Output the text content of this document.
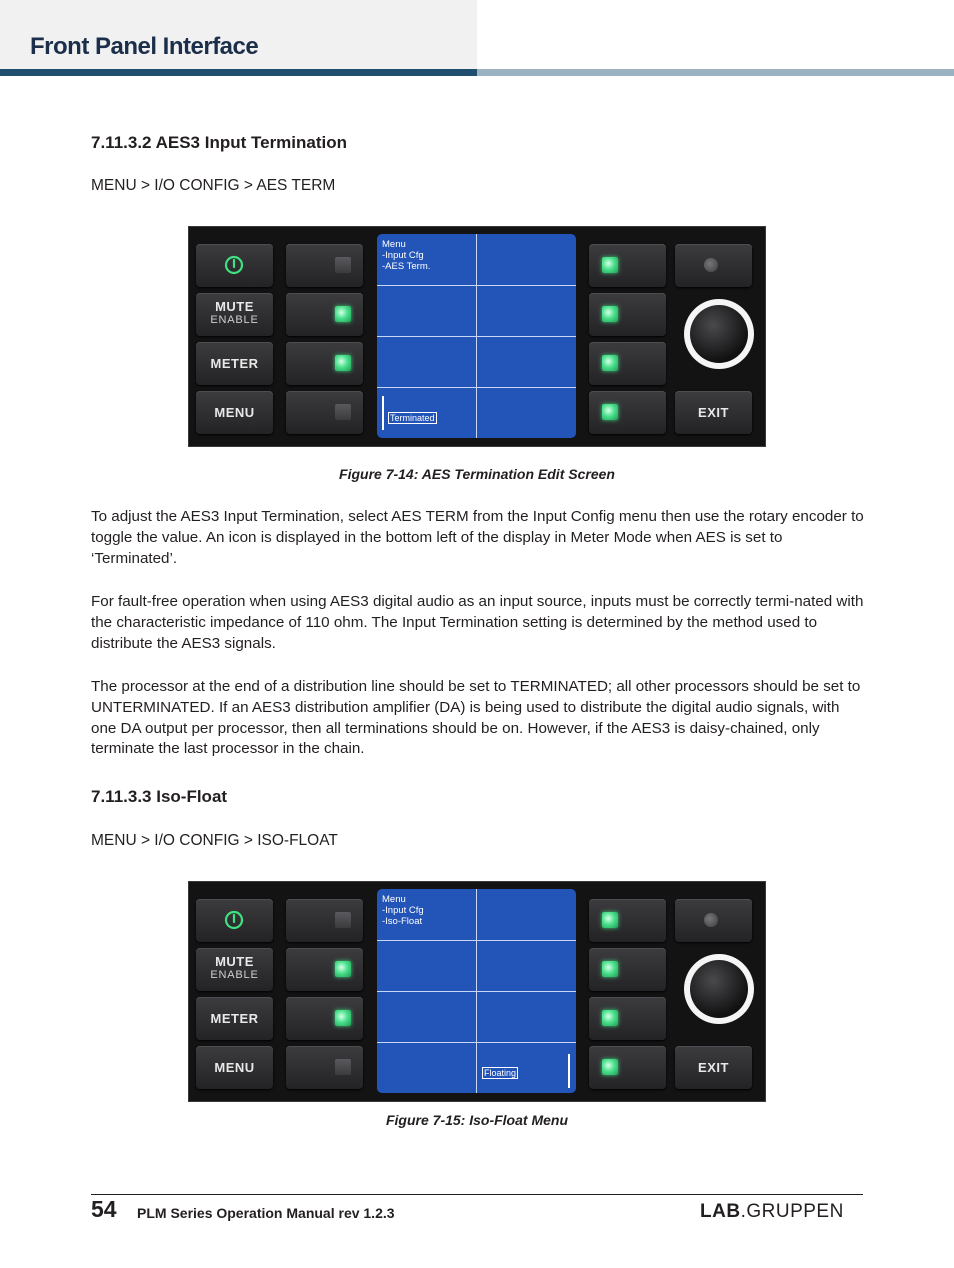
Front Panel Interface
7.11.3.2 AES3 Input Termination

MENU > I/O CONFIG > AES TERM

MUTE
ENABLE
METER
MENU

Menu
-Input Cfg
-AES Term.

Terminated	EXIT

Figure 7-14: AES Termination Edit Screen

To adjust the AES3 Input Termination, select AES TERM from the Input Config menu then use the rotary encoder to toggle the value. An icon is displayed in the bottom left of the display in Meter Mode when AES is set to ‘Terminated’.

For fault-free operation when using AES3 digital audio as an input source, inputs must be correctly termi-nated with the characteristic impedance of 110 ohm. The Input Termination setting is determined by the method used to distribute the AES3 signals.

The processor at the end of a distribution line should be set to TERMINATED; all other processors should be set to UNTERMINATED. If an AES3 distribution amplifier (DA) is being used to distribute the digital audio signals, with one DA output per processor, then all terminations should be on. However, if the AES3 is daisy-chained, only terminate the last processor in the chain.

7.11.3.3 Iso-Float

MENU > I/O CONFIG > ISO-FLOAT

MUTE
ENABLE
METER
MENU

Menu
-Input Cfg
-Iso-Float

Floating	EXIT

Figure 7-15: Iso-Float Menu

54 PLM Series Operation Manual rev 1.2.3	LAB.GRUPPEN
